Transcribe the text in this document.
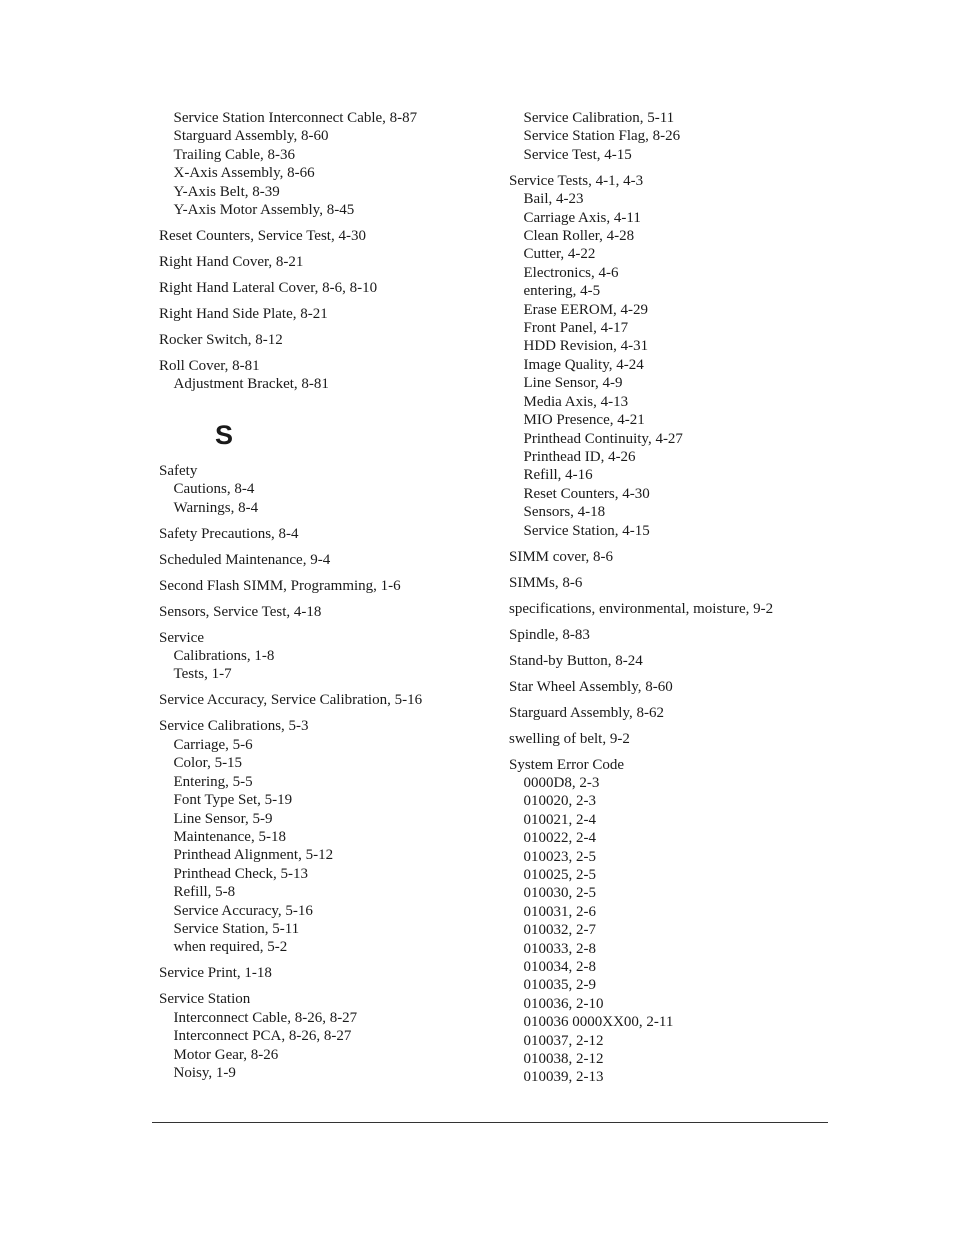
Service Station Interconnect Cable, 8-87
Starguard Assembly, 8-60
Trailing Cable, 8-36
X-Axis Assembly, 8-66
Y-Axis Belt, 8-39
Y-Axis Motor Assembly, 8-45
Reset Counters, Service Test, 4-30
Right Hand Cover, 8-21
Right Hand Lateral Cover, 8-6, 8-10
Right Hand Side Plate, 8-21
Rocker Switch, 8-12
Roll Cover, 8-81
Adjustment Bracket, 8-81
S
Safety
Cautions, 8-4
Warnings, 8-4
Safety Precautions, 8-4
Scheduled Maintenance, 9-4
Second Flash SIMM, Programming, 1-6
Sensors, Service Test, 4-18
Service
Calibrations, 1-8
Tests, 1-7
Service Accuracy, Service Calibration, 5-16
Service Calibrations, 5-3
Carriage, 5-6
Color, 5-15
Entering, 5-5
Font Type Set, 5-19
Line Sensor, 5-9
Maintenance, 5-18
Printhead Alignment, 5-12
Printhead Check, 5-13
Refill, 5-8
Service Accuracy, 5-16
Service Station, 5-11
when required, 5-2
Service Print, 1-18
Service Station
Interconnect Cable, 8-26, 8-27
Interconnect PCA, 8-26, 8-27
Motor Gear, 8-26
Noisy, 1-9
Service Calibration, 5-11
Service Station Flag, 8-26
Service Test, 4-15
Service Tests, 4-1, 4-3
Bail, 4-23
Carriage Axis, 4-11
Clean Roller, 4-28
Cutter, 4-22
Electronics, 4-6
entering, 4-5
Erase EEROM, 4-29
Front Panel, 4-17
HDD Revision, 4-31
Image Quality, 4-24
Line Sensor, 4-9
Media Axis, 4-13
MIO Presence, 4-21
Printhead Continuity, 4-27
Printhead ID, 4-26
Refill, 4-16
Reset Counters, 4-30
Sensors, 4-18
Service Station, 4-15
SIMM cover, 8-6
SIMMs, 8-6
specifications, environmental, moisture, 9-2
Spindle, 8-83
Stand-by Button, 8-24
Star Wheel Assembly, 8-60
Starguard Assembly, 8-62
swelling of belt, 9-2
System Error Code
0000D8, 2-3
010020, 2-3
010021, 2-4
010022, 2-4
010023, 2-5
010025, 2-5
010030, 2-5
010031, 2-6
010032, 2-7
010033, 2-8
010034, 2-8
010035, 2-9
010036, 2-10
010036 0000XX00, 2-11
010037, 2-12
010038, 2-12
010039, 2-13
